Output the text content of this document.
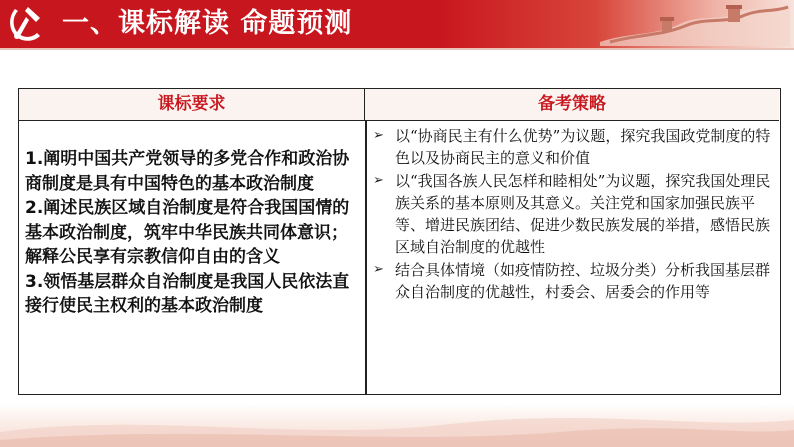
一、课标解读 命题预测
课标要求	备考策略

1.阐明中国共产党领导的多党合作和政治协商制度是具有中国特色的基本政治制度

2.阐述民族区域自治制度是符合我国国情的基本政治制度，筑牢中华民族共同体意识；解释公民享有宗教信仰自由的含义

3.领悟基层群众自治制度是我国人民依法直接行使民主权利的基本政治制度

➢ 以“协商民主有什么优势”为议题，探究我国政党制度的特色以及协商民主的意义和价值
➢ 以“我国各族人民怎样和睦相处”为议题，探究我国处理民族关系的基本原则及其意义。关注党和国家加强民族平等、增进民族团结、促进少数民族发展的举措，感悟民族区域自治制度的优越性
➢ 结合具体情境（如疫情防控、垃圾分类）分析我国基层群众自治制度的优越性，村委会、居委会的作用等
